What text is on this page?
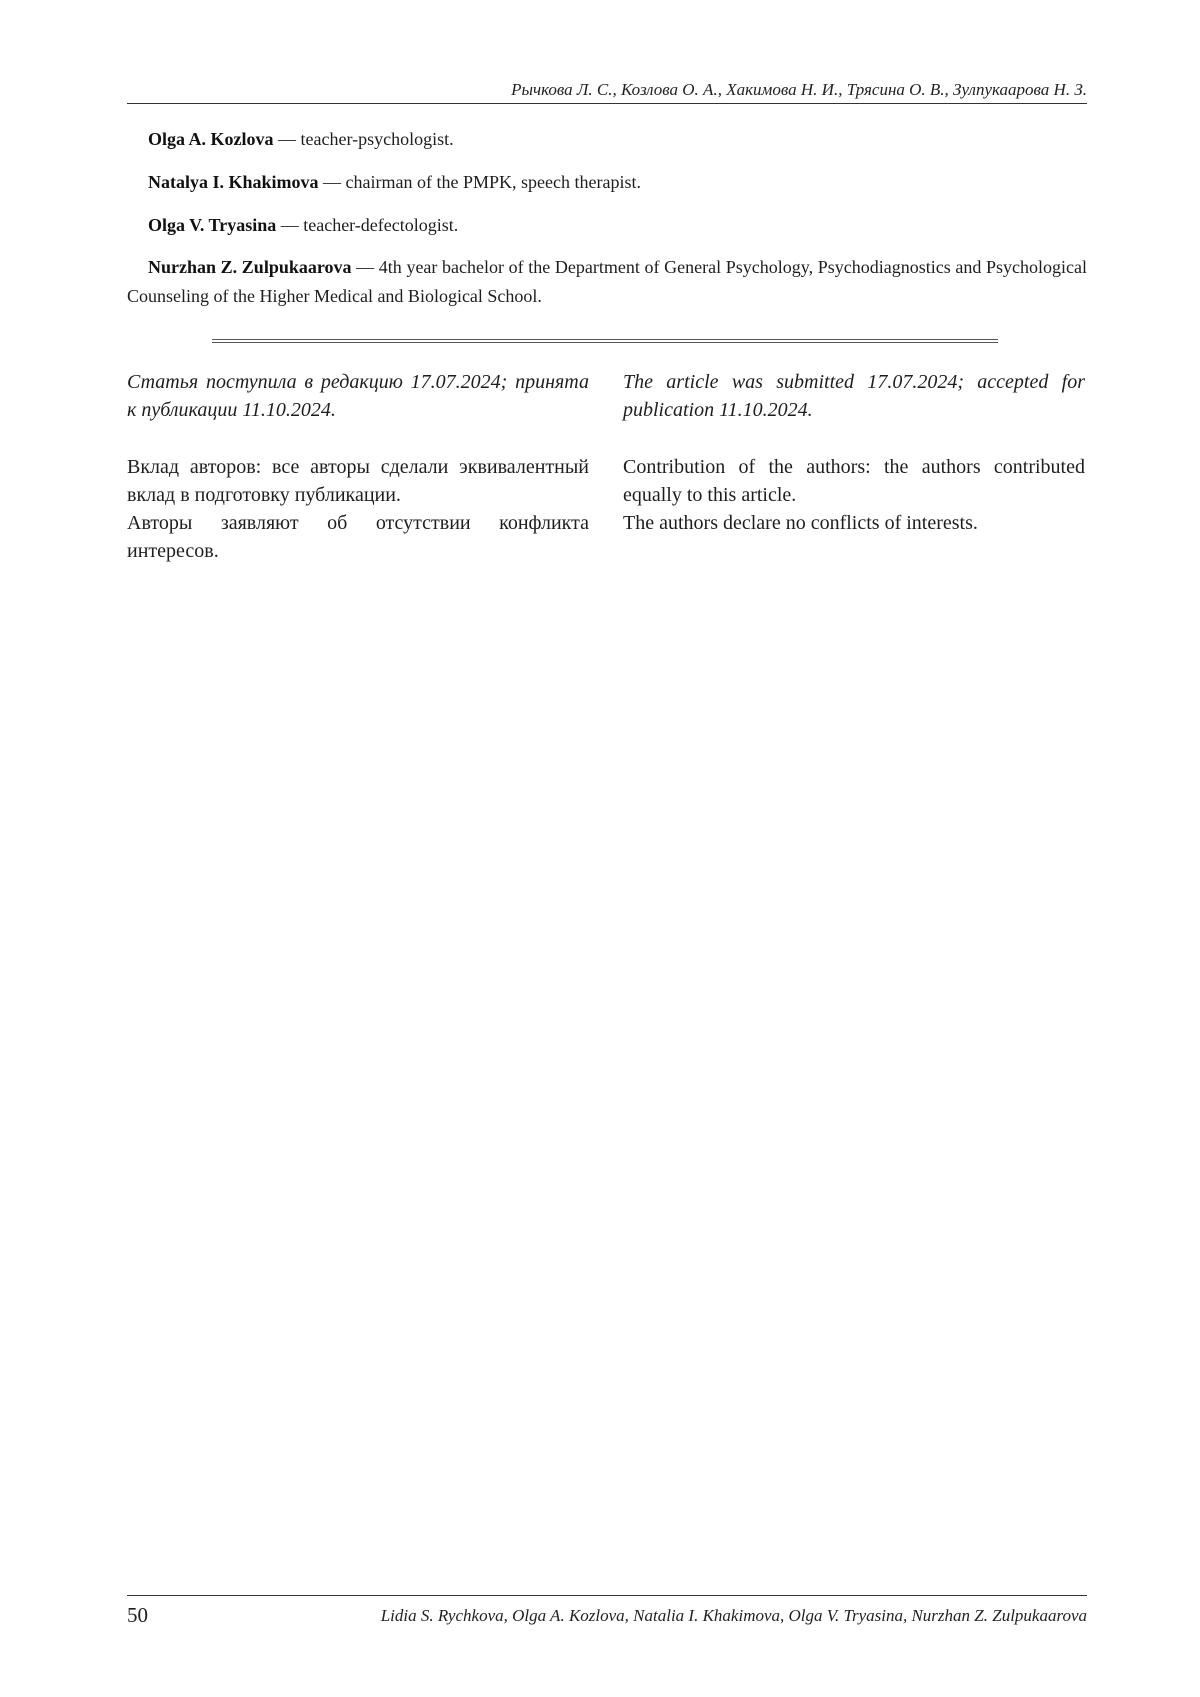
Рычкова Л. С., Козлова О. А., Хакимова Н. И., Трясина О. В., Зулпукаарова Н. З.
Olga A. Kozlova — teacher-psychologist.
Natalya I. Khakimova — chairman of the PMPK, speech therapist.
Olga V. Tryasina — teacher-defectologist.
Nurzhan Z. Zulpukaarova — 4th year bachelor of the Department of General Psychology, Psychodiagnostics and Psychological Counseling of the Higher Medical and Biological School.

Статья поступила в редакцию 17.07.2024; принята к публикации 11.10.2024.

Вклад авторов: все авторы сделали эквивалентный вклад в подготовку публикации.

Авторы заявляют об отсутствии конфликта интересов.

The article was submitted 17.07.2024; accepted for publication 11.10.2024.

Contribution of the authors: the authors contributed equally to this article.

The authors declare no conflicts of interests.

50	Lidia S. Rychkova, Olga A. Kozlova, Natalia I. Khakimova, Olga V. Tryasina, Nurzhan Z. Zulpukaarova
